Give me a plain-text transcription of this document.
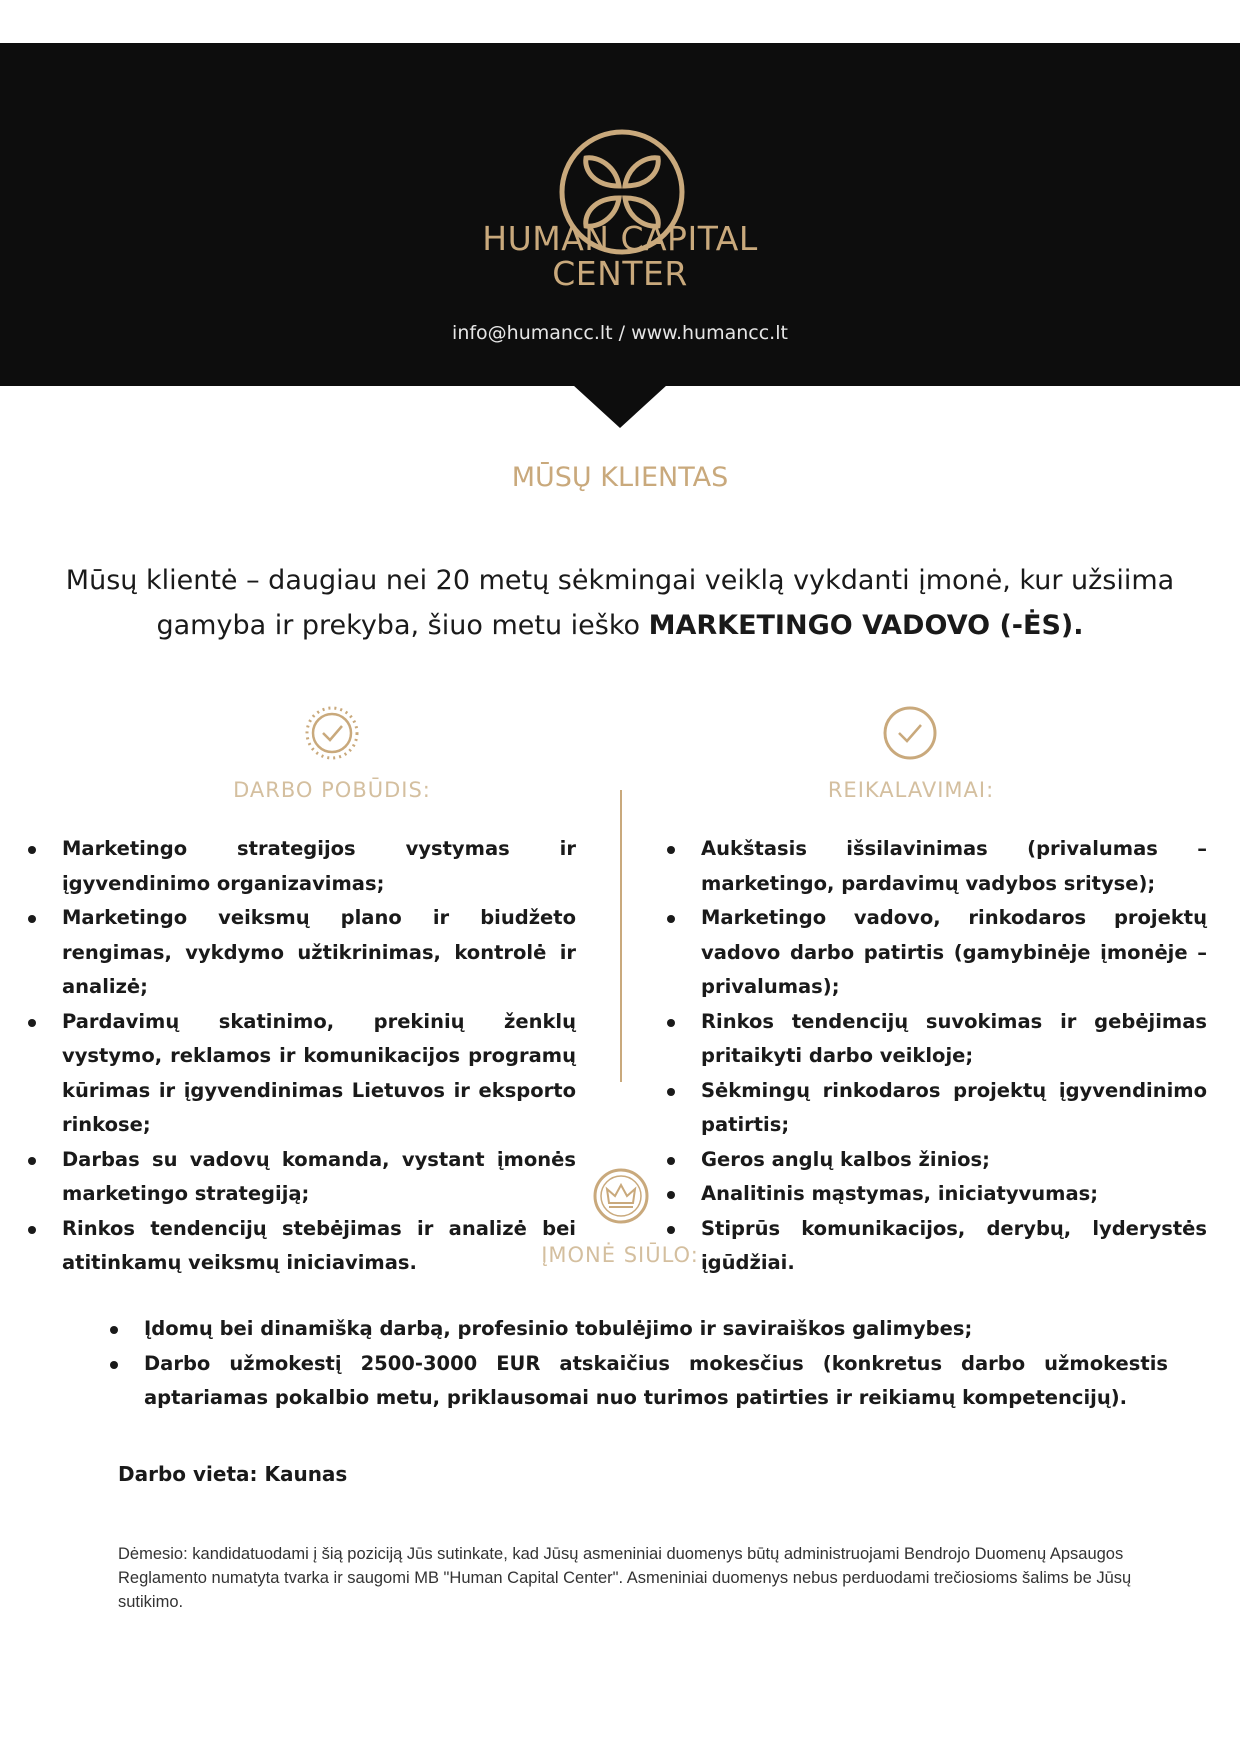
HUMAN CAPITAL
CENTER
info@humancc.lt / www.humancc.lt
MŪSŲ KLIENTAS
Mūsų klientė – daugiau nei 20 metų sėkmingai veiklą vykdanti įmonė, kur užsiima gamyba ir prekyba, šiuo metu ieško MARKETINGO VADOVO (-ĖS).
DARBO POBŪDIS:	REIKALAVIMAI:
Marketingo strategijos vystymas ir įgyvendinimo organizavimas;
Marketingo veiksmų plano ir biudžeto rengimas, vykdymo užtikrinimas, kontrolė ir analizė;
Pardavimų skatinimo, prekinių ženklų vystymo, reklamos ir komunikacijos programų kūrimas ir įgyvendinimas Lietuvos ir eksporto rinkose;
Darbas su vadovų komanda, vystant įmonės marketingo strategiją;
Rinkos tendencijų stebėjimas ir analizė bei atitinkamų veiksmų iniciavimas.
Aukštasis išsilavinimas (privalumas – marketingo, pardavimų vadybos srityse);
Marketingo vadovo, rinkodaros projektų vadovo darbo patirtis (gamybinėje įmonėje – privalumas);
Rinkos tendencijų suvokimas ir gebėjimas pritaikyti darbo veikloje;
Sėkmingų rinkodaros projektų įgyvendinimo patirtis;
Geros anglų kalbos žinios;
Analitinis mąstymas, iniciatyvumas;
Stiprūs komunikacijos, derybų, lyderystės įgūdžiai.
ĮMONĖ SIŪLO:
Įdomų bei dinamišką darbą, profesinio tobulėjimo ir saviraiškos galimybes;
Darbo užmokestį 2500-3000 EUR atskaičius mokesčius (konkretus darbo užmokestis aptariamas pokalbio metu, priklausomai nuo turimos patirties ir reikiamų kompetencijų).
Darbo vieta: Kaunas
Dėmesio: kandidatuodami į šią poziciją Jūs sutinkate, kad Jūsų asmeniniai duomenys būtų administruojami Bendrojo Duomenų Apsaugos Reglamento numatyta tvarka ir saugomi MB "Human Capital Center". Asmeniniai duomenys nebus perduodami trečiosioms šalims be Jūsų sutikimo.
